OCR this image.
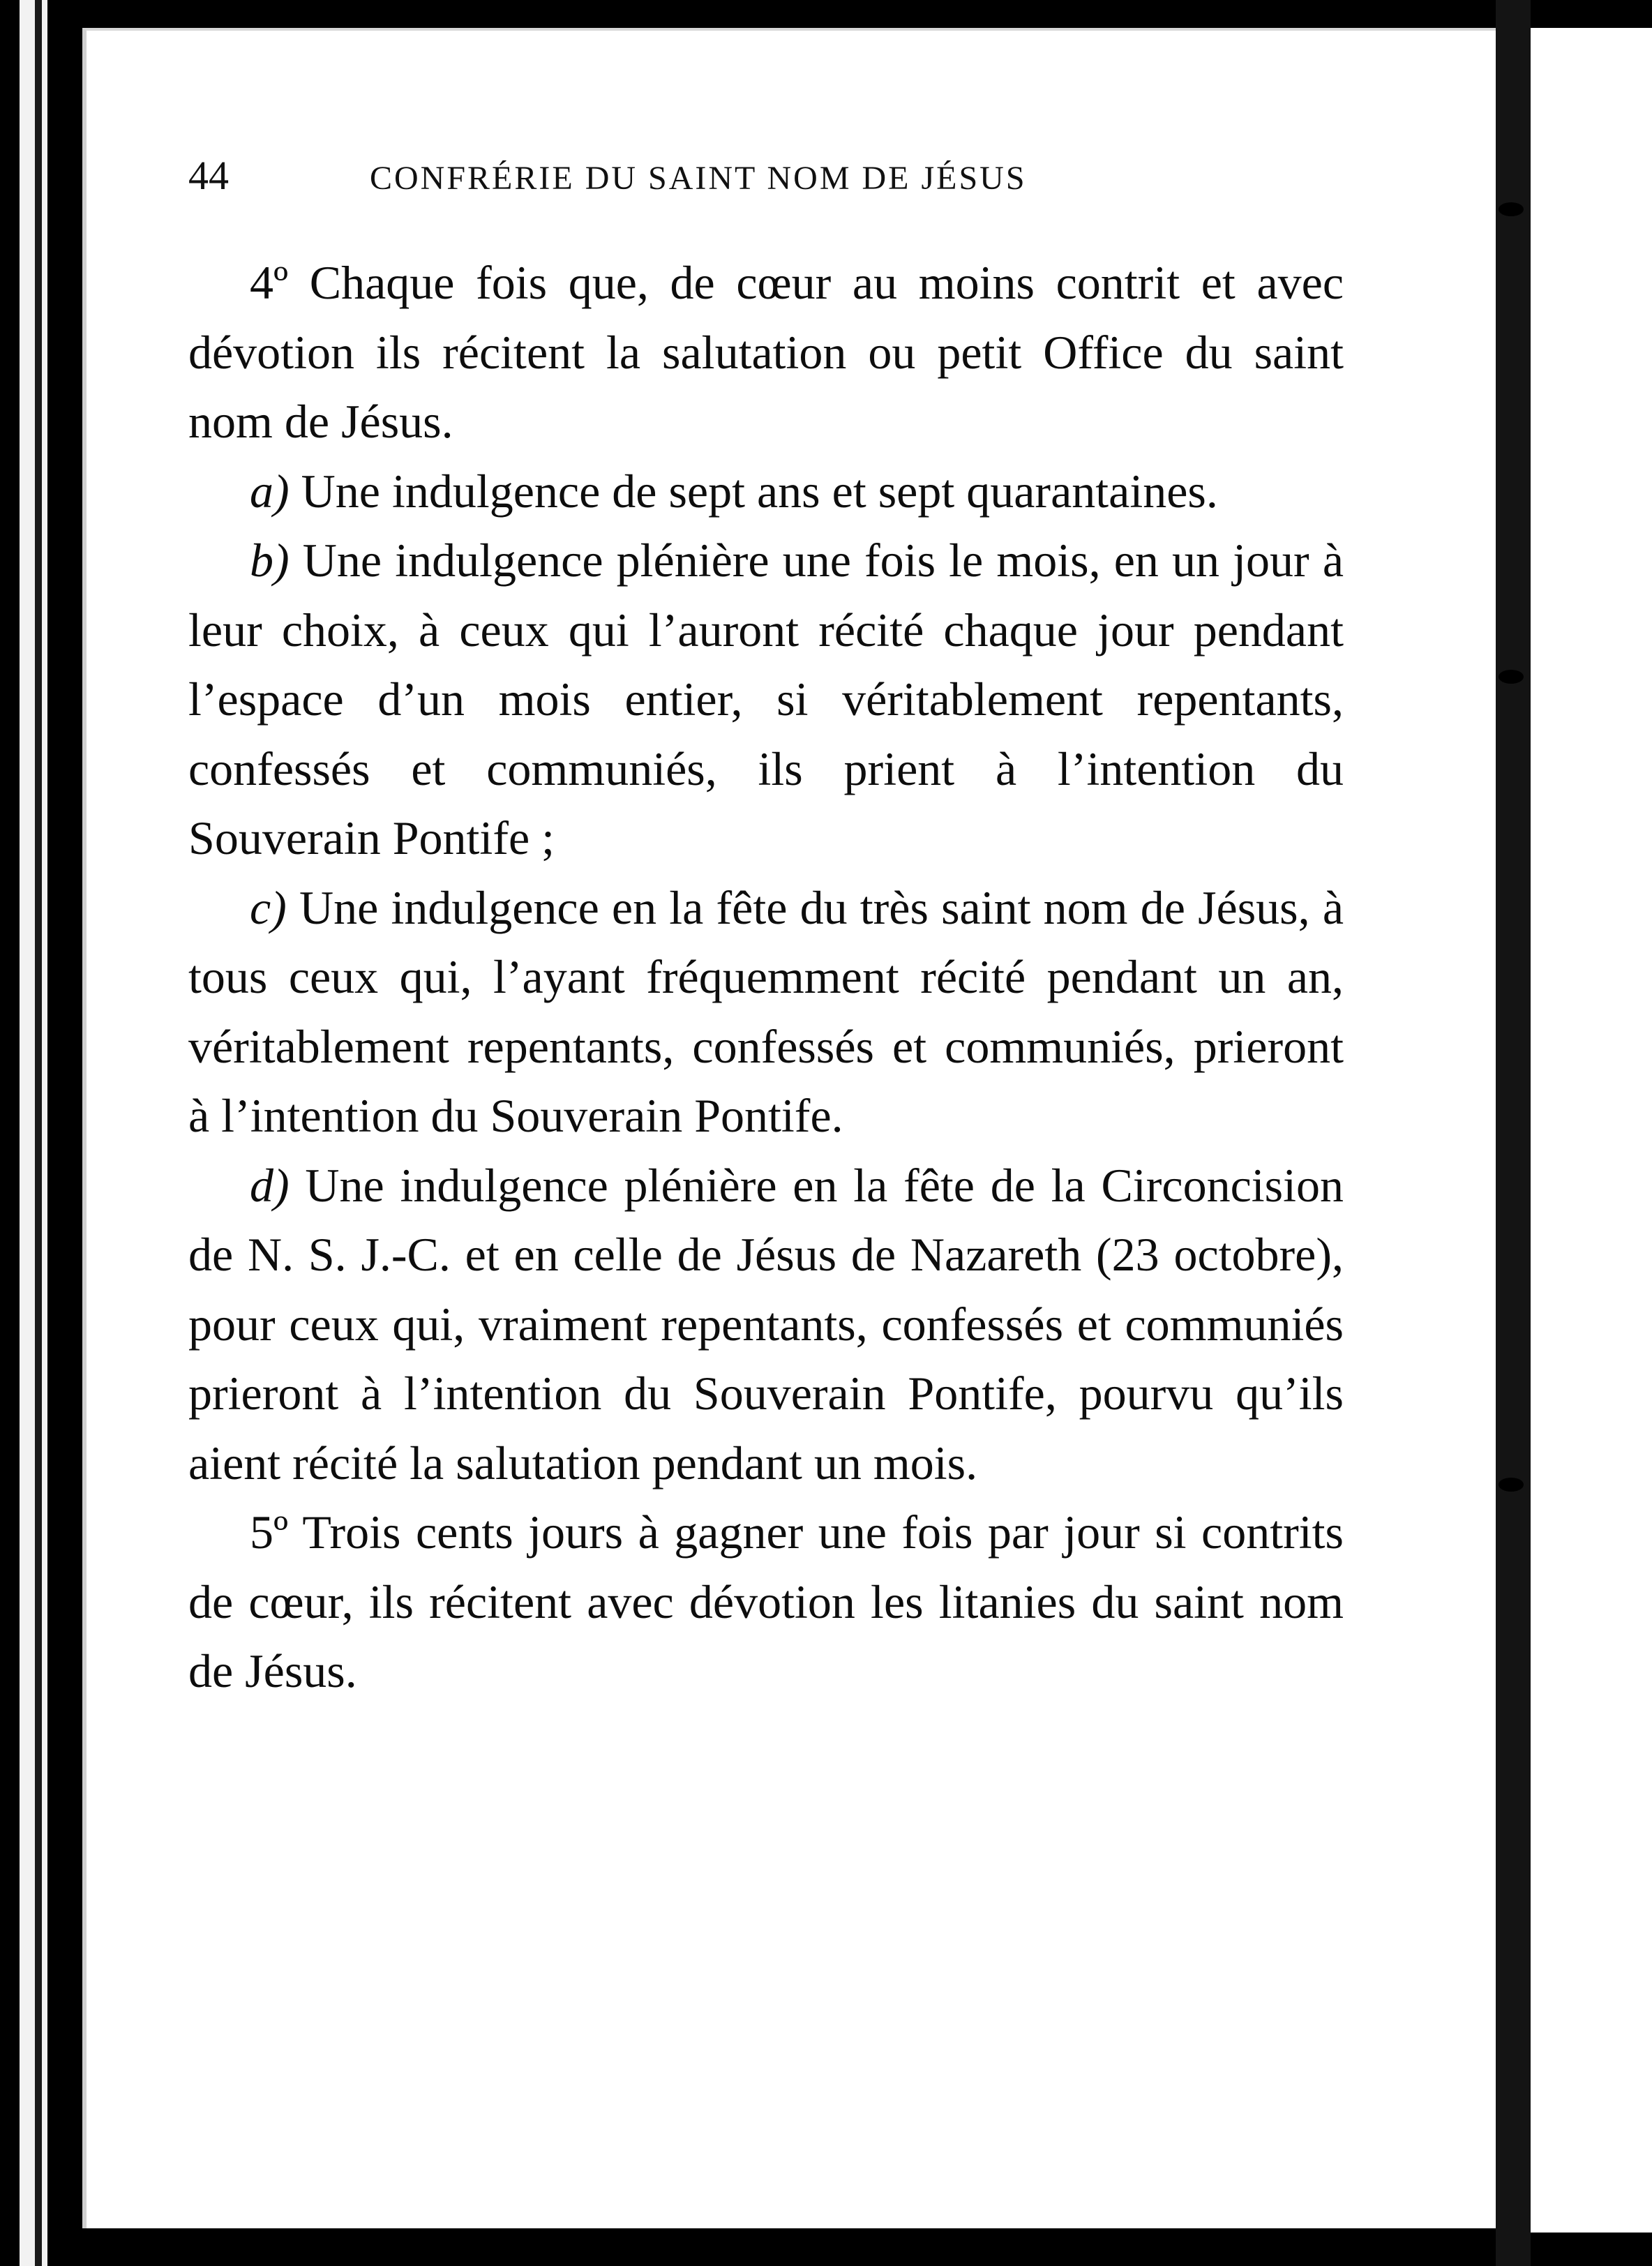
44	CONFRÉRIE DU SAINT NOM DE JÉSUS

4º Chaque fois que, de cœur au moins contrit et avec dévotion ils récitent la salutation ou petit Office du saint nom de Jésus.

a) Une indulgence de sept ans et sept quarantaines.

b) Une indulgence plénière une fois le mois, en un jour à leur choix, à ceux qui l’auront récité chaque jour pendant l’espace d’un mois entier, si véritablement repentants, confessés et communiés, ils prient à l’intention du Souverain Pontife ;

c) Une indulgence en la fête du très saint nom de Jésus, à tous ceux qui, l’ayant fréquemment récité pendant un an, véritablement repentants, confessés et communiés, prieront à l’intention du Souverain Pontife.

d) Une indulgence plénière en la fête de la Circoncision de N. S. J.-C. et en celle de Jésus de Nazareth (23 octobre), pour ceux qui, vraiment repentants, confessés et communiés prieront à l’intention du Souverain Pontife, pourvu qu’ils aient récité la salutation pendant un mois.

5º Trois cents jours à gagner une fois par jour si contrits de cœur, ils récitent avec dévotion les litanies du saint nom de Jésus.
